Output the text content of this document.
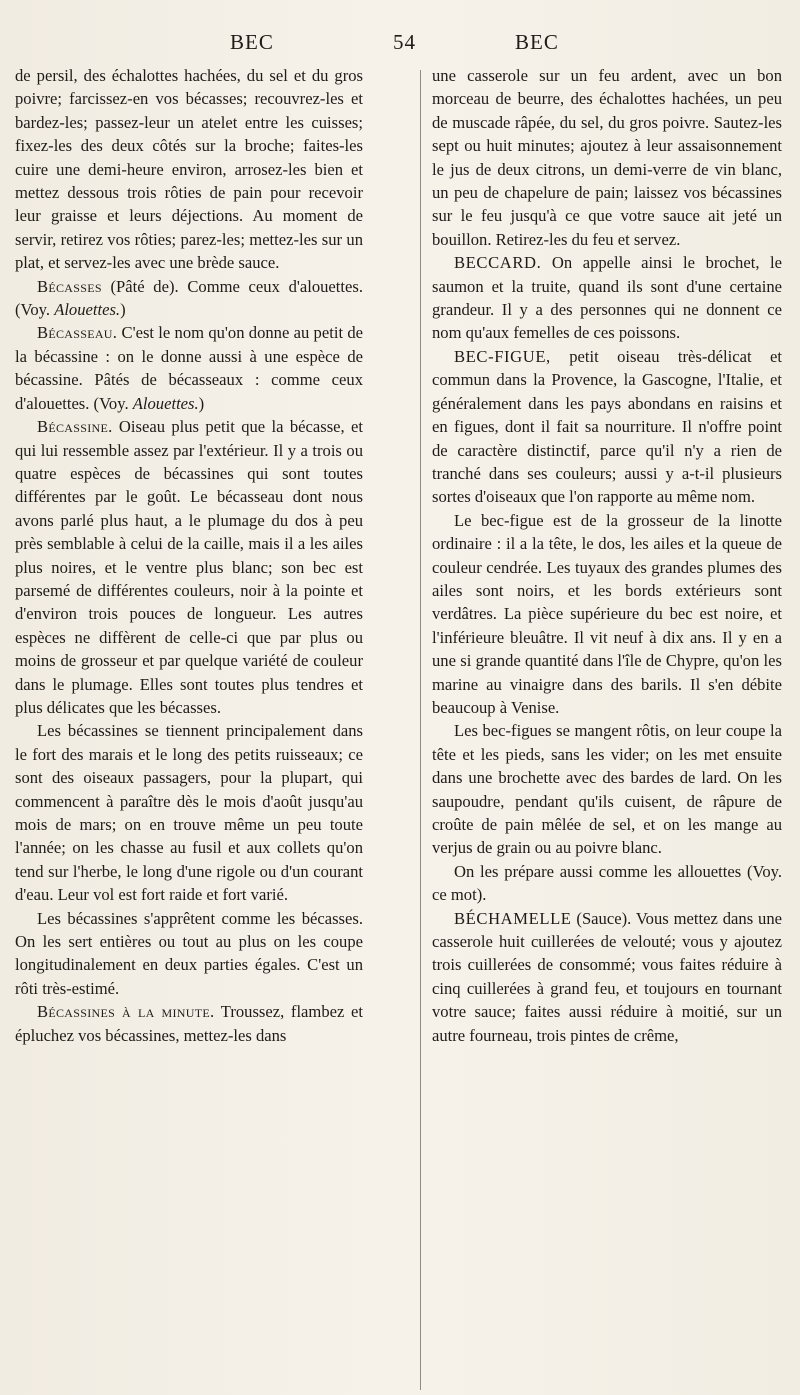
BEC	54	BEC

de persil, des échalottes hachées, du sel et du gros poivre; farcissez-en vos bécasses; recouvrez-les et bardez-les; passez-leur un atelet entre les cuisses; fixez-les des deux côtés sur la broche; faites-les cuire une demi-heure environ, arrosez-les bien et mettez dessous trois rôties de pain pour recevoir leur graisse et leurs déjections. Au moment de servir, retirez vos rôties; parez-les; mettez-les sur un plat, et servez-les avec une brède sauce.

Bécasses (Pâté de). Comme ceux d'alouettes. (Voy. Alouettes.)

Bécasseau. C'est le nom qu'on donne au petit de la bécassine : on le donne aussi à une espèce de bécassine. Pâtés de bécasseaux : comme ceux d'alouettes. (Voy. Alouettes.)

Bécassine. Oiseau plus petit que la bécasse, et qui lui ressemble assez par l'extérieur. Il y a trois ou quatre espèces de bécassines qui sont toutes différentes par le goût. Le bécasseau dont nous avons parlé plus haut, a le plumage du dos à peu près semblable à celui de la caille, mais il a les ailes plus noires, et le ventre plus blanc; son bec est parsemé de différentes couleurs, noir à la pointe et d'environ trois pouces de longueur. Les autres espèces ne diffèrent de celle-ci que par plus ou moins de grosseur et par quelque variété de couleur dans le plumage. Elles sont toutes plus tendres et plus délicates que les bécasses.

Les bécassines se tiennent principalement dans le fort des marais et le long des petits ruisseaux; ce sont des oiseaux passagers, pour la plupart, qui commencent à paraître dès le mois d'août jusqu'au mois de mars; on en trouve même un peu toute l'année; on les chasse au fusil et aux collets qu'on tend sur l'herbe, le long d'une rigole ou d'un courant d'eau. Leur vol est fort raide et fort varié.

Les bécassines s'apprêtent comme les bécasses. On les sert entières ou tout au plus on les coupe longitudinalement en deux parties égales. C'est un rôti très-estimé.

Bécassines à la minute. Troussez, flambez et épluchez vos bécassines, mettez-les dans

une casserole sur un feu ardent, avec un bon morceau de beurre, des échalottes hachées, un peu de muscade râpée, du sel, du gros poivre. Sautez-les sept ou huit minutes; ajoutez à leur assaisonnement le jus de deux citrons, un demi-verre de vin blanc, un peu de chapelure de pain; laissez vos bécassines sur le feu jusqu'à ce que votre sauce ait jeté un bouillon. Retirez-les du feu et servez.

BECCARD. On appelle ainsi le brochet, le saumon et la truite, quand ils sont d'une certaine grandeur. Il y a des personnes qui ne donnent ce nom qu'aux femelles de ces poissons.

BEC-FIGUE, petit oiseau très-délicat et commun dans la Provence, la Gascogne, l'Italie, et généralement dans les pays abondans en raisins et en figues, dont il fait sa nourriture. Il n'offre point de caractère distinctif, parce qu'il n'y a rien de tranché dans ses couleurs; aussi y a-t-il plusieurs sortes d'oiseaux que l'on rapporte au même nom.

Le bec-figue est de la grosseur de la linotte ordinaire : il a la tête, le dos, les ailes et la queue de couleur cendrée. Les tuyaux des grandes plumes des ailes sont noirs, et les bords extérieurs sont verdâtres. La pièce supérieure du bec est noire, et l'inférieure bleuâtre. Il vit neuf à dix ans. Il y en a une si grande quantité dans l'île de Chypre, qu'on les marine au vinaigre dans des barils. Il s'en débite beaucoup à Venise.

Les bec-figues se mangent rôtis, on leur coupe la tête et les pieds, sans les vider; on les met ensuite dans une brochette avec des bardes de lard. On les saupoudre, pendant qu'ils cuisent, de râpure de croûte de pain mêlée de sel, et on les mange au verjus de grain ou au poivre blanc.

On les prépare aussi comme les allouettes (Voy. ce mot).

BÉCHAMELLE (Sauce). Vous mettez dans une casserole huit cuillerées de velouté; vous y ajoutez trois cuillerées de consommé; vous faites réduire à cinq cuillerées à grand feu, et toujours en tournant votre sauce; faites aussi réduire à moitié, sur un autre fourneau, trois pintes de crême,
